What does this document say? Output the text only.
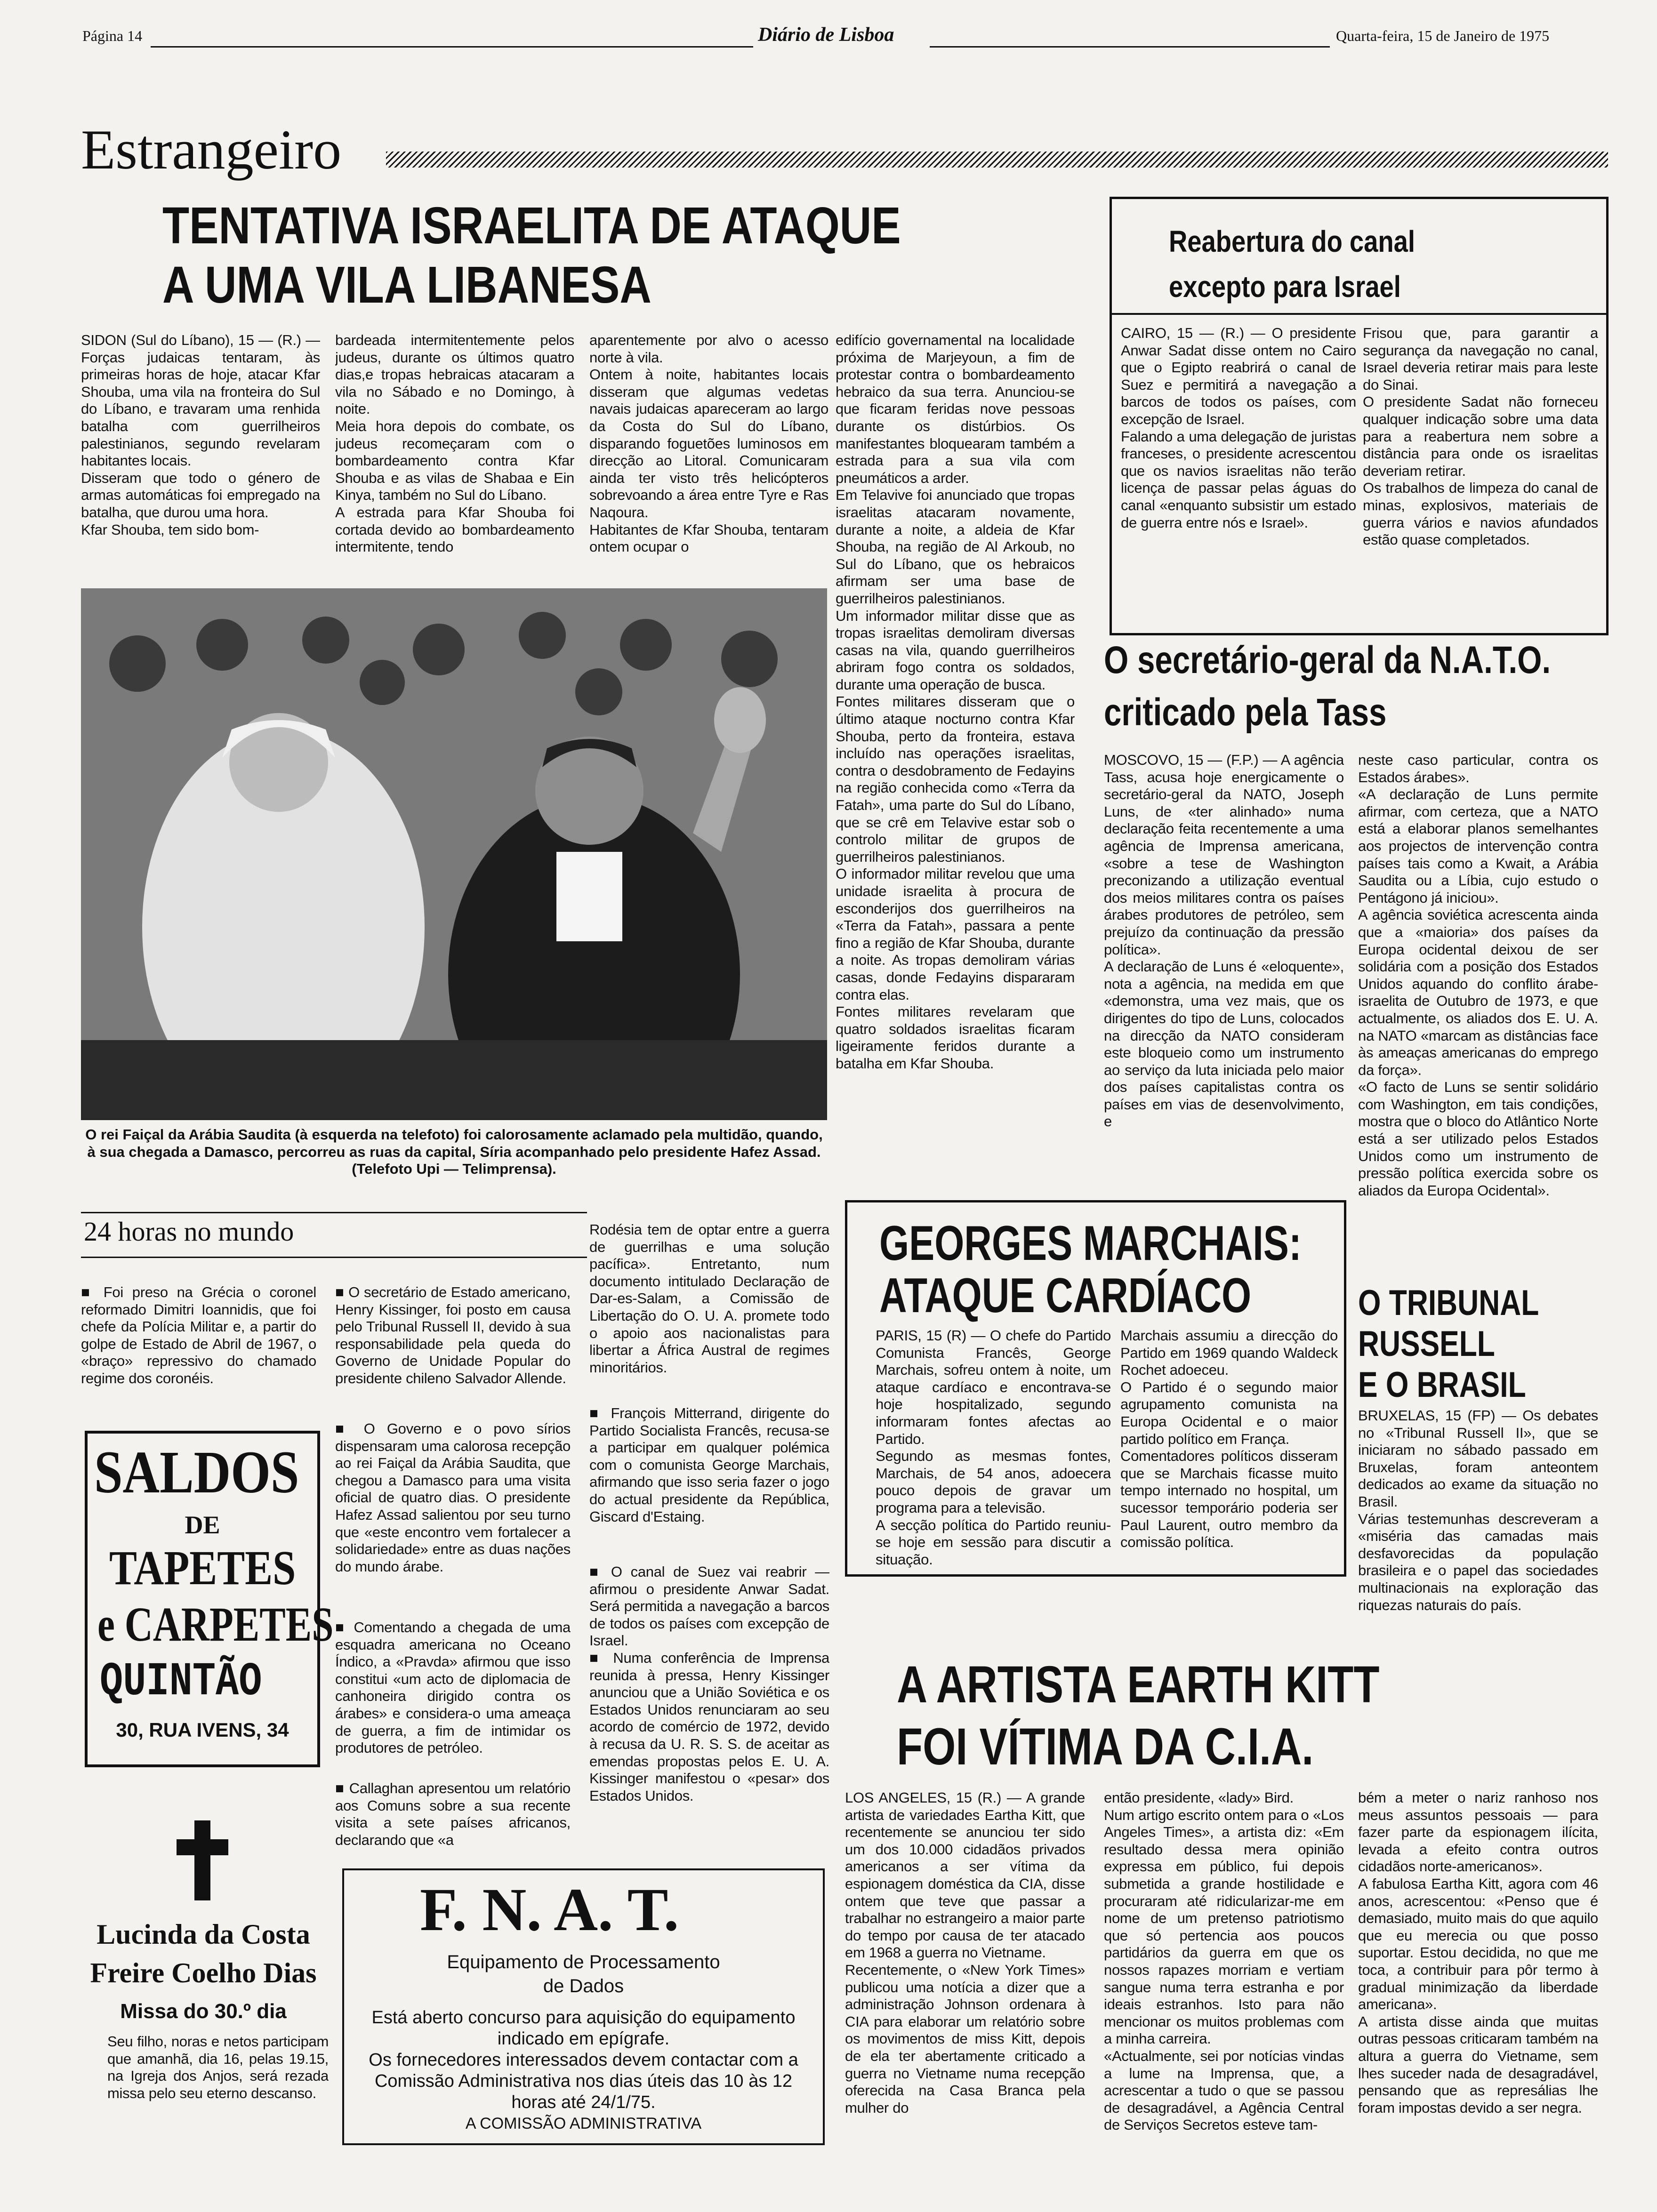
Página 14	Diário de Lisboa	Quarta-feira, 15 de Janeiro de 1975
Estrangeiro
TENTATIVA ISRAELITA DE ATAQUE
A UMA VILA LIBANESA
SIDON (Sul do Líbano), 15 — (R.) — Forças judaicas tentaram, às primeiras horas de hoje, atacar Kfar Shouba, uma vila na fronteira do Sul do Líbano, e travaram uma renhida batalha com guerrilheiros palestinianos, segundo revelaram habitantes locais.
Disseram que todo o género de armas automáticas foi empregado na batalha, que durou uma hora.
Kfar Shouba, tem sido bom-
bardeada intermitentemente pelos judeus, durante os últimos quatro dias,e tropas hebraicas atacaram a vila no Sábado e no Domingo, à noite.
Meia hora depois do combate, os judeus recomeçaram com o bombardeamento contra Kfar Shouba e as vilas de Shabaa e Ein Kinya, também no Sul do Líbano.
A estrada para Kfar Shouba foi cortada devido ao bombardeamento intermitente, tendo
aparentemente por alvo o acesso norte à vila.
Ontem à noite, habitantes locais disseram que algumas vedetas navais judaicas apareceram ao largo da Costa do Sul do Líbano, disparando foguetões luminosos em direcção ao Litoral. Comunicaram ainda ter visto três helicópteros sobrevoando a área entre Tyre e Ras Naqoura.
Habitantes de Kfar Shouba, tentaram ontem ocupar o
edifício governamental na localidade próxima de Marjeyoun, a fim de protestar contra o bombardeamento hebraico da sua terra. Anunciou-se que ficaram feridas nove pessoas durante os distúrbios. Os manifestantes bloquearam também a estrada para a sua vila com pneumáticos a arder.
Em Telavive foi anunciado que tropas israelitas atacaram novamente, durante a noite, a aldeia de Kfar Shouba, na região de Al Arkoub, no Sul do Líbano, que os hebraicos afirmam ser uma base de guerrilheiros palestinianos.
Um informador militar disse que as tropas israelitas demoliram diversas casas na vila, quando guerrilheiros abriram fogo contra os soldados, durante uma operação de busca.
Fontes militares disseram que o último ataque nocturno contra Kfar Shouba, perto da fronteira, estava incluído nas operações israelitas, contra o desdobramento de Fedayins na região conhecida como «Terra da Fatah», uma parte do Sul do Líbano, que se crê em Telavive estar sob o controlo militar de grupos de guerrilheiros palestinianos.
O informador militar revelou que uma unidade israelita à procura de esconderijos dos guerrilheiros na «Terra da Fatah», passara a pente fino a região de Kfar Shouba, durante a noite. As tropas demoliram várias casas, donde Fedayins dispararam contra elas.
Fontes militares revelaram que quatro soldados israelitas ficaram ligeiramente feridos durante a batalha em Kfar Shouba.
O rei Faiçal da Arábia Saudita (à esquerda na telefoto) foi calorosamente aclamado pela multidão, quando, à sua chegada a Damasco, percorreu as ruas da capital, Síria acompanhado pelo presidente Hafez Assad. (Telefoto Upi — Telimprensa).
Reabertura do canal
excepto para Israel
CAIRO, 15 — (R.) — O presidente Anwar Sadat disse ontem no Cairo que o Egipto reabrirá o canal de Suez e permitirá a navegação a barcos de todos os países, com excepção de Israel.
Falando a uma delegação de juristas franceses, o presidente acrescentou que os navios israelitas não terão licença de passar pelas águas do canal «enquanto subsistir um estado de guerra entre nós e Israel».
Frisou que, para garantir a segurança da navegação no canal, Israel deveria retirar mais para leste do Sinai.
O presidente Sadat não forneceu qualquer indicação sobre uma data para a reabertura nem sobre a distância para onde os israelitas deveriam retirar.
Os trabalhos de limpeza do canal de minas, explosivos, materiais de guerra vários e navios afundados estão quase completados.
O secretário-geral da N.A.T.O.
criticado pela Tass
MOSCOVO, 15 — (F.P.) — A agência Tass, acusa hoje energicamente o secretário-geral da NATO, Joseph Luns, de «ter alinhado» numa declaração feita recentemente a uma agência de Imprensa americana, «sobre a tese de Washington preconizando a utilização eventual dos meios militares contra os países árabes produtores de petróleo, sem prejuízo da continuação da pressão política».
A declaração de Luns é «eloquente», nota a agência, na medida em que «demonstra, uma vez mais, que os dirigentes do tipo de Luns, colocados na direcção da NATO consideram este bloqueio como um instrumento ao serviço da luta iniciada pelo maior dos países capitalistas contra os países em vias de desenvolvimento, e
neste caso particular, contra os Estados árabes».
«A declaração de Luns permite afirmar, com certeza, que a NATO está a elaborar planos semelhantes aos projectos de intervenção contra países tais como a Kwait, a Arábia Saudita ou a Líbia, cujo estudo o Pentágono já iniciou».
A agência soviética acrescenta ainda que a «maioria» dos países da Europa ocidental deixou de ser solidária com a posição dos Estados Unidos aquando do conflito árabe-israelita de Outubro de 1973, e que actualmente, os aliados dos E. U. A. na NATO «marcam as distâncias face às ameaças americanas do emprego da força».
«O facto de Luns se sentir solidário com Washington, em tais condições, mostra que o bloco do Atlântico Norte está a ser utilizado pelos Estados Unidos como um instrumento de pressão política exercida sobre os aliados da Europa Ocidental».
24 horas no mundo
■ Foi preso na Grécia o coronel reformado Dimitri Ioannidis, que foi chefe da Polícia Militar e, a partir do golpe de Estado de Abril de 1967, o «braço» repressivo do chamado regime dos coronéis.
■ O secretário de Estado americano, Henry Kissinger, foi posto em causa pelo Tribunal Russell II, devido à sua responsabilidade pela queda do Governo de Unidade Popular do presidente chileno Salvador Allende.
■ O Governo e o povo sírios dispensaram uma calorosa recepção ao rei Faiçal da Arábia Saudita, que chegou a Damasco para uma visita oficial de quatro dias. O presidente Hafez Assad salientou por seu turno que «este encontro vem fortalecer a solidariedade» entre as duas nações do mundo árabe.
■ Comentando a chegada de uma esquadra americana no Oceano Índico, a «Pravda» afirmou que isso constitui «um acto de diplomacia de canhoneira dirigido contra os árabes» e considera-o uma ameaça de guerra, a fim de intimidar os produtores de petróleo.
■ Callaghan apresentou um relatório aos Comuns sobre a sua recente visita a sete países africanos, declarando que «a
Rodésia tem de optar entre a guerra de guerrilhas e uma solução pacífica». Entretanto, num documento intitulado Declaração de Dar-es-Salam, a Comissão de Libertação do O. U. A. promete todo o apoio aos nacionalistas para libertar a África Austral de regimes minoritários.
■ François Mitterrand, dirigente do Partido Socialista Francês, recusa-se a participar em qualquer polémica com o comunista George Marchais, afirmando que isso seria fazer o jogo do actual presidente da República, Giscard d'Estaing.
■ O canal de Suez vai reabrir — afirmou o presidente Anwar Sadat. Será permitida a navegação a barcos de todos os países com excepção de Israel.
■ Numa conferência de Imprensa reunida à pressa, Henry Kissinger anunciou que a União Soviética e os Estados Unidos renunciaram ao seu acordo de comércio de 1972, devido à recusa da U. R. S. S. de aceitar as emendas propostas pelos E. U. A. Kissinger manifestou o «pesar» dos Estados Unidos.
SALDOS
DE
TAPETES
e CARPETES
QUINTÃO
30, RUA IVENS, 34
Lucinda da Costa
Freire Coelho Dias
Missa do 30.º dia
Seu filho, noras e netos participam que amanhã, dia 16, pelas 19.15, na Igreja dos Anjos, será rezada missa pelo seu eterno descanso.
F. N. A. T.
Equipamento de Processamento
de Dados
Está aberto concurso para aquisição do equipamento indicado em epígrafe.
Os fornecedores interessados devem contactar com a Comissão Administrativa nos dias úteis das 10 às 12 horas até 24/1/75.
A COMISSÃO ADMINISTRATIVA
GEORGES MARCHAIS:
ATAQUE CARDÍACO
PARIS, 15 (R) — O chefe do Partido Comunista Francês, George Marchais, sofreu ontem à noite, um ataque cardíaco e encontrava-se hoje hospitalizado, segundo informaram fontes afectas ao Partido.
Segundo as mesmas fontes, Marchais, de 54 anos, adoecera pouco depois de gravar um programa para a televisão.
A secção política do Partido reuniu-se hoje em sessão para discutir a situação.
Marchais assumiu a direcção do Partido em 1969 quando Waldeck Rochet adoeceu.
O Partido é o segundo maior agrupamento comunista na Europa Ocidental e o maior partido político em França.
Comentadores políticos disseram que se Marchais ficasse muito tempo internado no hospital, um sucessor temporário poderia ser Paul Laurent, outro membro da comissão política.
O TRIBUNAL
RUSSELL
E O BRASIL
BRUXELAS, 15 (FP) — Os debates no «Tribunal Russell II», que se iniciaram no sábado passado em Bruxelas, foram anteontem dedicados ao exame da situação no Brasil.
Várias testemunhas descreveram a «miséria das camadas mais desfavorecidas da população brasileira e o papel das sociedades multinacionais na exploração das riquezas naturais do país.
A ARTISTA EARTH KITT
FOI VÍTIMA DA C.I.A.
LOS ANGELES, 15 (R.) — A grande artista de variedades Eartha Kitt, que recentemente se anunciou ter sido um dos 10.000 cidadãos privados americanos a ser vítima da espionagem doméstica da CIA, disse ontem que teve que passar a trabalhar no estrangeiro a maior parte do tempo por causa de ter atacado em 1968 a guerra no Vietname.
Recentemente, o «New York Times» publicou uma notícia a dizer que a administração Johnson ordenara à CIA para elaborar um relatório sobre os movimentos de miss Kitt, depois de ela ter abertamente criticado a guerra no Vietname numa recepção oferecida na Casa Branca pela mulher do
então presidente, «lady» Bird.
Num artigo escrito ontem para o «Los Angeles Times», a artista diz: «Em resultado dessa mera opinião expressa em público, fui depois submetida a grande hostilidade e procuraram até ridicularizar-me em nome de um pretenso patriotismo que só pertencia aos poucos partidários da guerra em que os nossos rapazes morriam e vertiam sangue numa terra estranha e por ideais estranhos. Isto para não mencionar os muitos problemas com a minha carreira.
«Actualmente, sei por notícias vindas a lume na Imprensa, que, a acrescentar a tudo o que se passou de desagradável, a Agência Central de Serviços Secretos esteve tam-
bém a meter o nariz ranhoso nos meus assuntos pessoais — para fazer parte da espionagem ilícita, levada a efeito contra outros cidadãos norte-americanos».
A fabulosa Eartha Kitt, agora com 46 anos, acrescentou: «Penso que é demasiado, muito mais do que aquilo que eu merecia ou que posso suportar. Estou decidida, no que me toca, a contribuir para pôr termo à gradual minimização da liberdade americana».
A artista disse ainda que muitas outras pessoas criticaram também na altura a guerra do Vietname, sem lhes suceder nada de desagradável, pensando que as represálias lhe foram impostas devido a ser negra.
